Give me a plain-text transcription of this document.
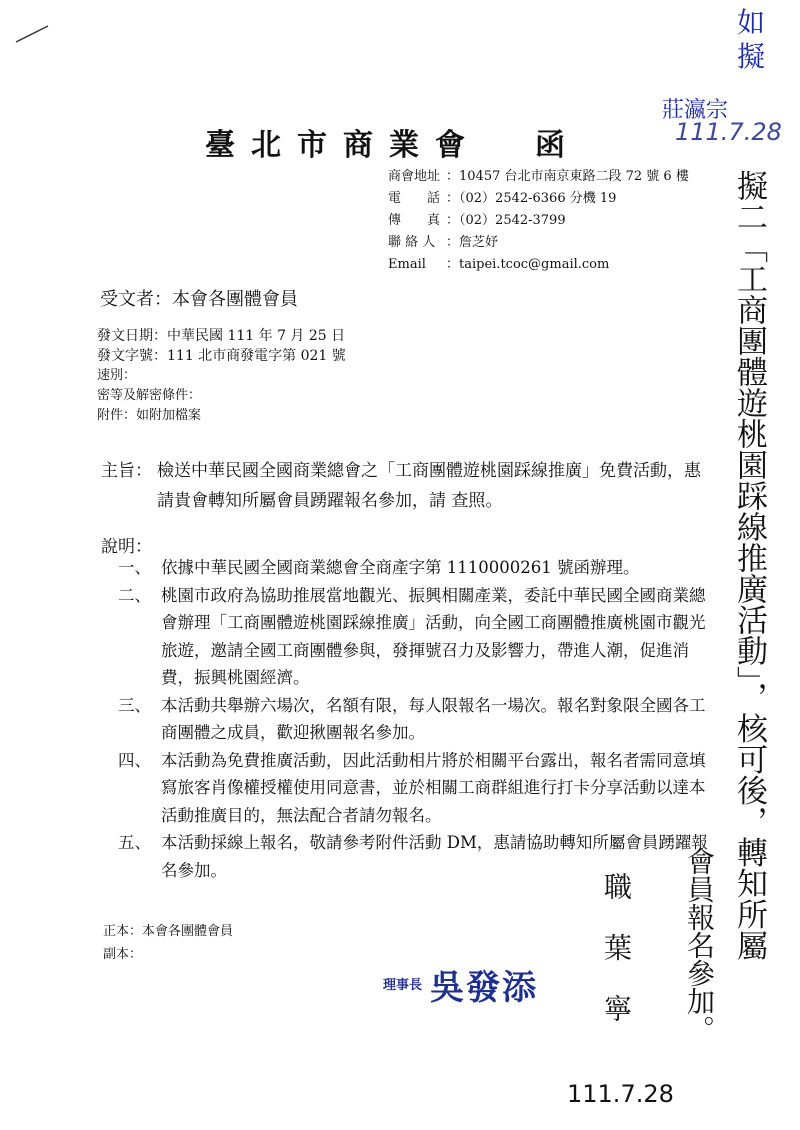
臺北市商業會 函
商會地址 ：10457 台北市南京東路二段 72 號 6 樓
電　　話 ：（02）2542-6366 分機 19
傳　　真 ：（02）2542-3799
聯 絡 人 ：詹芝妤
Email	：taipei.tcoc@gmail.com
受文者：本會各團體會員
發文日期：中華民國 111 年 7 月 25 日
發文字號：111 北市商發電字第 021 號
速別：
密等及解密條件：
附件：如附加檔案
主旨： 檢送中華民國全國商業總會之「工商團體遊桃園踩線推廣」免費活動，惠請貴會轉知所屬會員踴躍報名參加，請 查照。
說明：
一、 依據中華民國全國商業總會全商產字第 1110000261 號函辦理。
二、 桃園市政府為協助推展當地觀光、振興相關產業，委託中華民國全國商業總會辦理「工商團體遊桃園踩線推廣」活動，向全國工商團體推廣桃園市觀光旅遊，邀請全國工商團體參與，發揮號召力及影響力，帶進人潮，促進消費，振興桃園經濟。
三、 本活動共舉辦六場次，名額有限，每人限報名一場次。報名對象限全國各工商團體之成員，歡迎揪團報名參加。
四、 本活動為免費推廣活動，因此活動相片將於相關平台露出，報名者需同意填寫旅客肖像權授權使用同意書，並於相關工商群組進行打卡分享活動以達本活動推廣目的，無法配合者請勿報名。
五、 本活動採線上報名，敬請參考附件活動 DM，惠請協助轉知所屬會員踴躍報名參加。
正本：本會各團體會員
副本：
理事長 吳發添
如擬
莊瀛宗
111.7.28
擬二「工商團體遊桃園踩線推廣活動」，核可後，轉知所屬
會員報名參加。
職 葉 寧
111.7.28
